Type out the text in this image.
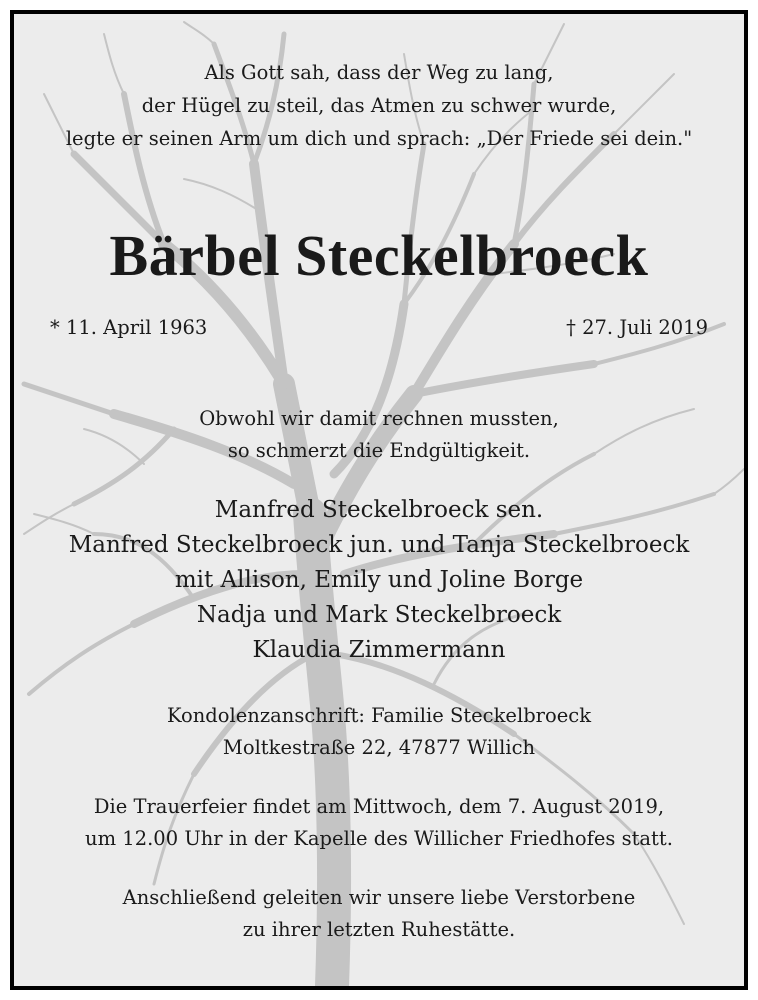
Als Gott sah, dass der Weg zu lang,
der Hügel zu steil, das Atmen zu schwer wurde,
legte er seinen Arm um dich und sprach: „Der Friede sei dein."
Bärbel Steckelbroeck
* 11. April 1963	† 27. Juli 2019
Obwohl wir damit rechnen mussten,
so schmerzt die Endgültigkeit.
Manfred Steckelbroeck sen.
Manfred Steckelbroeck jun. und Tanja Steckelbroeck
mit Allison, Emily und Joline Borge
Nadja und Mark Steckelbroeck
Klaudia Zimmermann
Kondolenzanschrift: Familie Steckelbroeck
Moltkestraße 22, 47877 Willich
Die Trauerfeier findet am Mittwoch, dem 7. August 2019,
um 12.00 Uhr in der Kapelle des Willicher Friedhofes statt.
Anschließend geleiten wir unsere liebe Verstorbene
zu ihrer letzten Ruhestätte.
